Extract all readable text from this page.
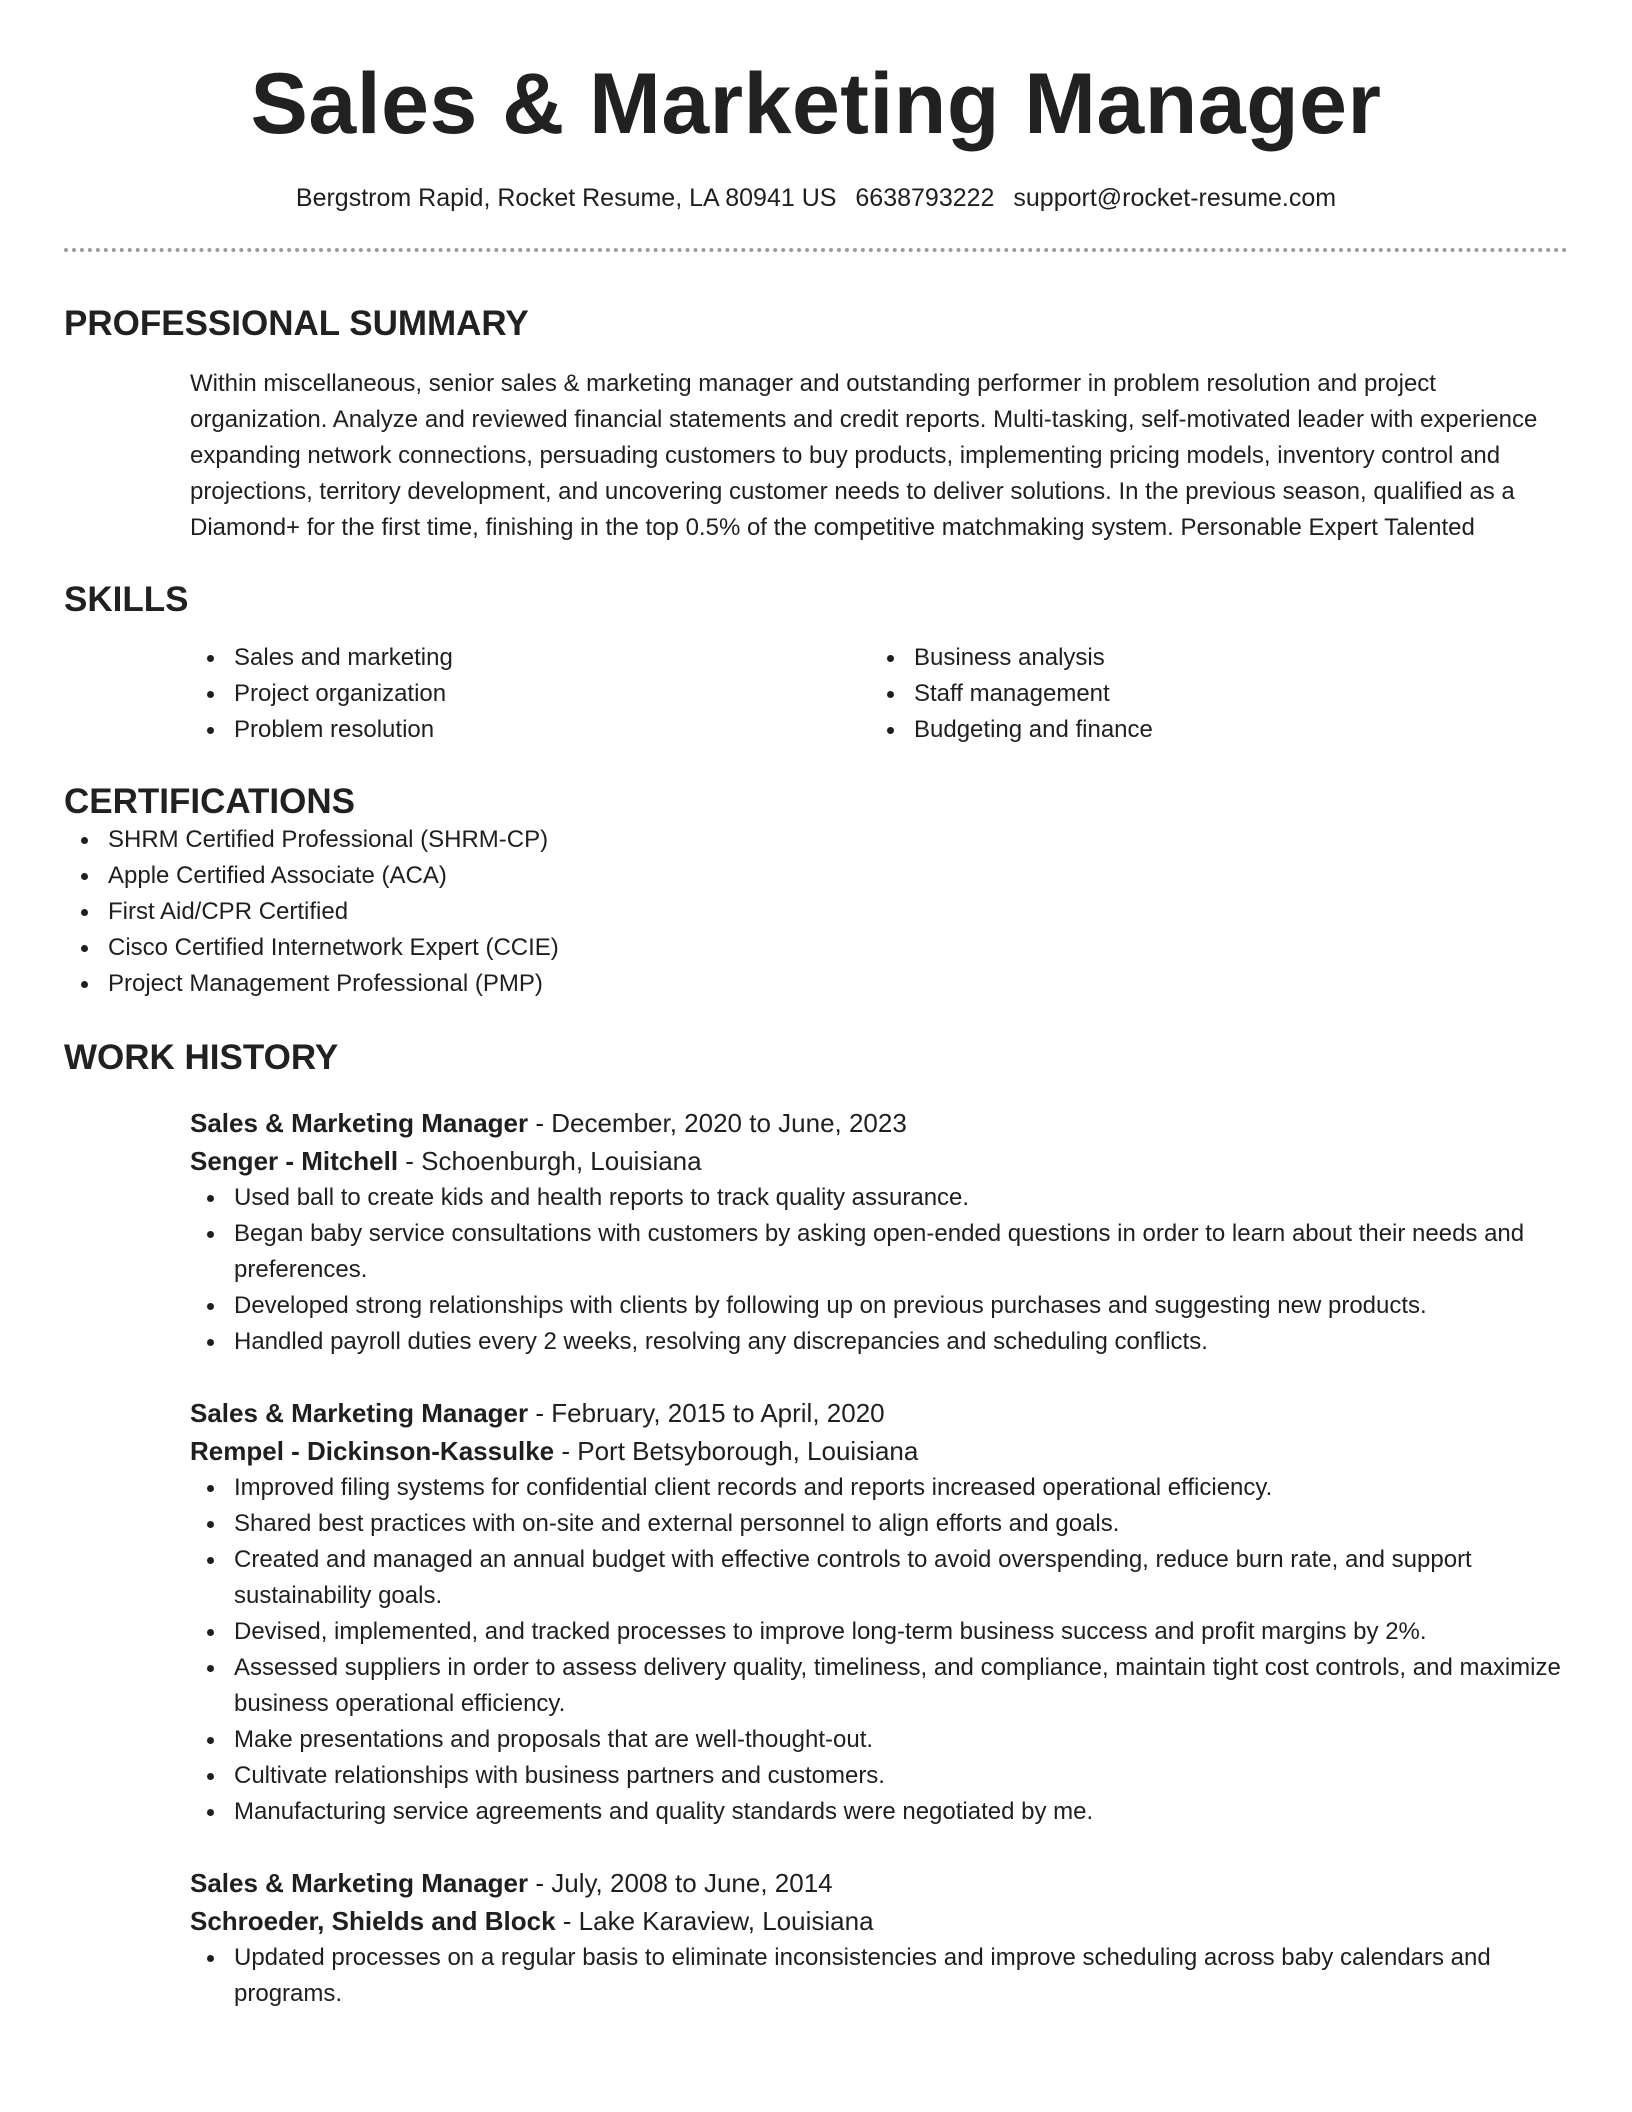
Sales & Marketing Manager
Bergstrom Rapid, Rocket Resume, LA 80941 US 6638793222 support@rocket-resume.com
PROFESSIONAL SUMMARY
Within miscellaneous, senior sales & marketing manager and outstanding performer in problem resolution and project organization. Analyze and reviewed financial statements and credit reports. Multi-tasking, self-motivated leader with experience expanding network connections, persuading customers to buy products, implementing pricing models, inventory control and projections, territory development, and uncovering customer needs to deliver solutions. In the previous season, qualified as a Diamond+ for the first time, finishing in the top 0.5% of the competitive matchmaking system. Personable Expert Talented
SKILLS
Sales and marketing
Project organization
Problem resolution
Business analysis
Staff management
Budgeting and finance
CERTIFICATIONS
SHRM Certified Professional (SHRM-CP)
Apple Certified Associate (ACA)
First Aid/CPR Certified
Cisco Certified Internetwork Expert (CCIE)
Project Management Professional (PMP)
WORK HISTORY
Sales & Marketing Manager - December, 2020 to June, 2023
Senger - Mitchell - Schoenburgh, Louisiana
Used ball to create kids and health reports to track quality assurance.
Began baby service consultations with customers by asking open-ended questions in order to learn about their needs and preferences.
Developed strong relationships with clients by following up on previous purchases and suggesting new products.
Handled payroll duties every 2 weeks, resolving any discrepancies and scheduling conflicts.
Sales & Marketing Manager - February, 2015 to April, 2020
Rempel - Dickinson-Kassulke - Port Betsyborough, Louisiana
Improved filing systems for confidential client records and reports increased operational efficiency.
Shared best practices with on-site and external personnel to align efforts and goals.
Created and managed an annual budget with effective controls to avoid overspending, reduce burn rate, and support sustainability goals.
Devised, implemented, and tracked processes to improve long-term business success and profit margins by 2%.
Assessed suppliers in order to assess delivery quality, timeliness, and compliance, maintain tight cost controls, and maximize business operational efficiency.
Make presentations and proposals that are well-thought-out.
Cultivate relationships with business partners and customers.
Manufacturing service agreements and quality standards were negotiated by me.
Sales & Marketing Manager - July, 2008 to June, 2014
Schroeder, Shields and Block - Lake Karaview, Louisiana
Updated processes on a regular basis to eliminate inconsistencies and improve scheduling across baby calendars and programs.
